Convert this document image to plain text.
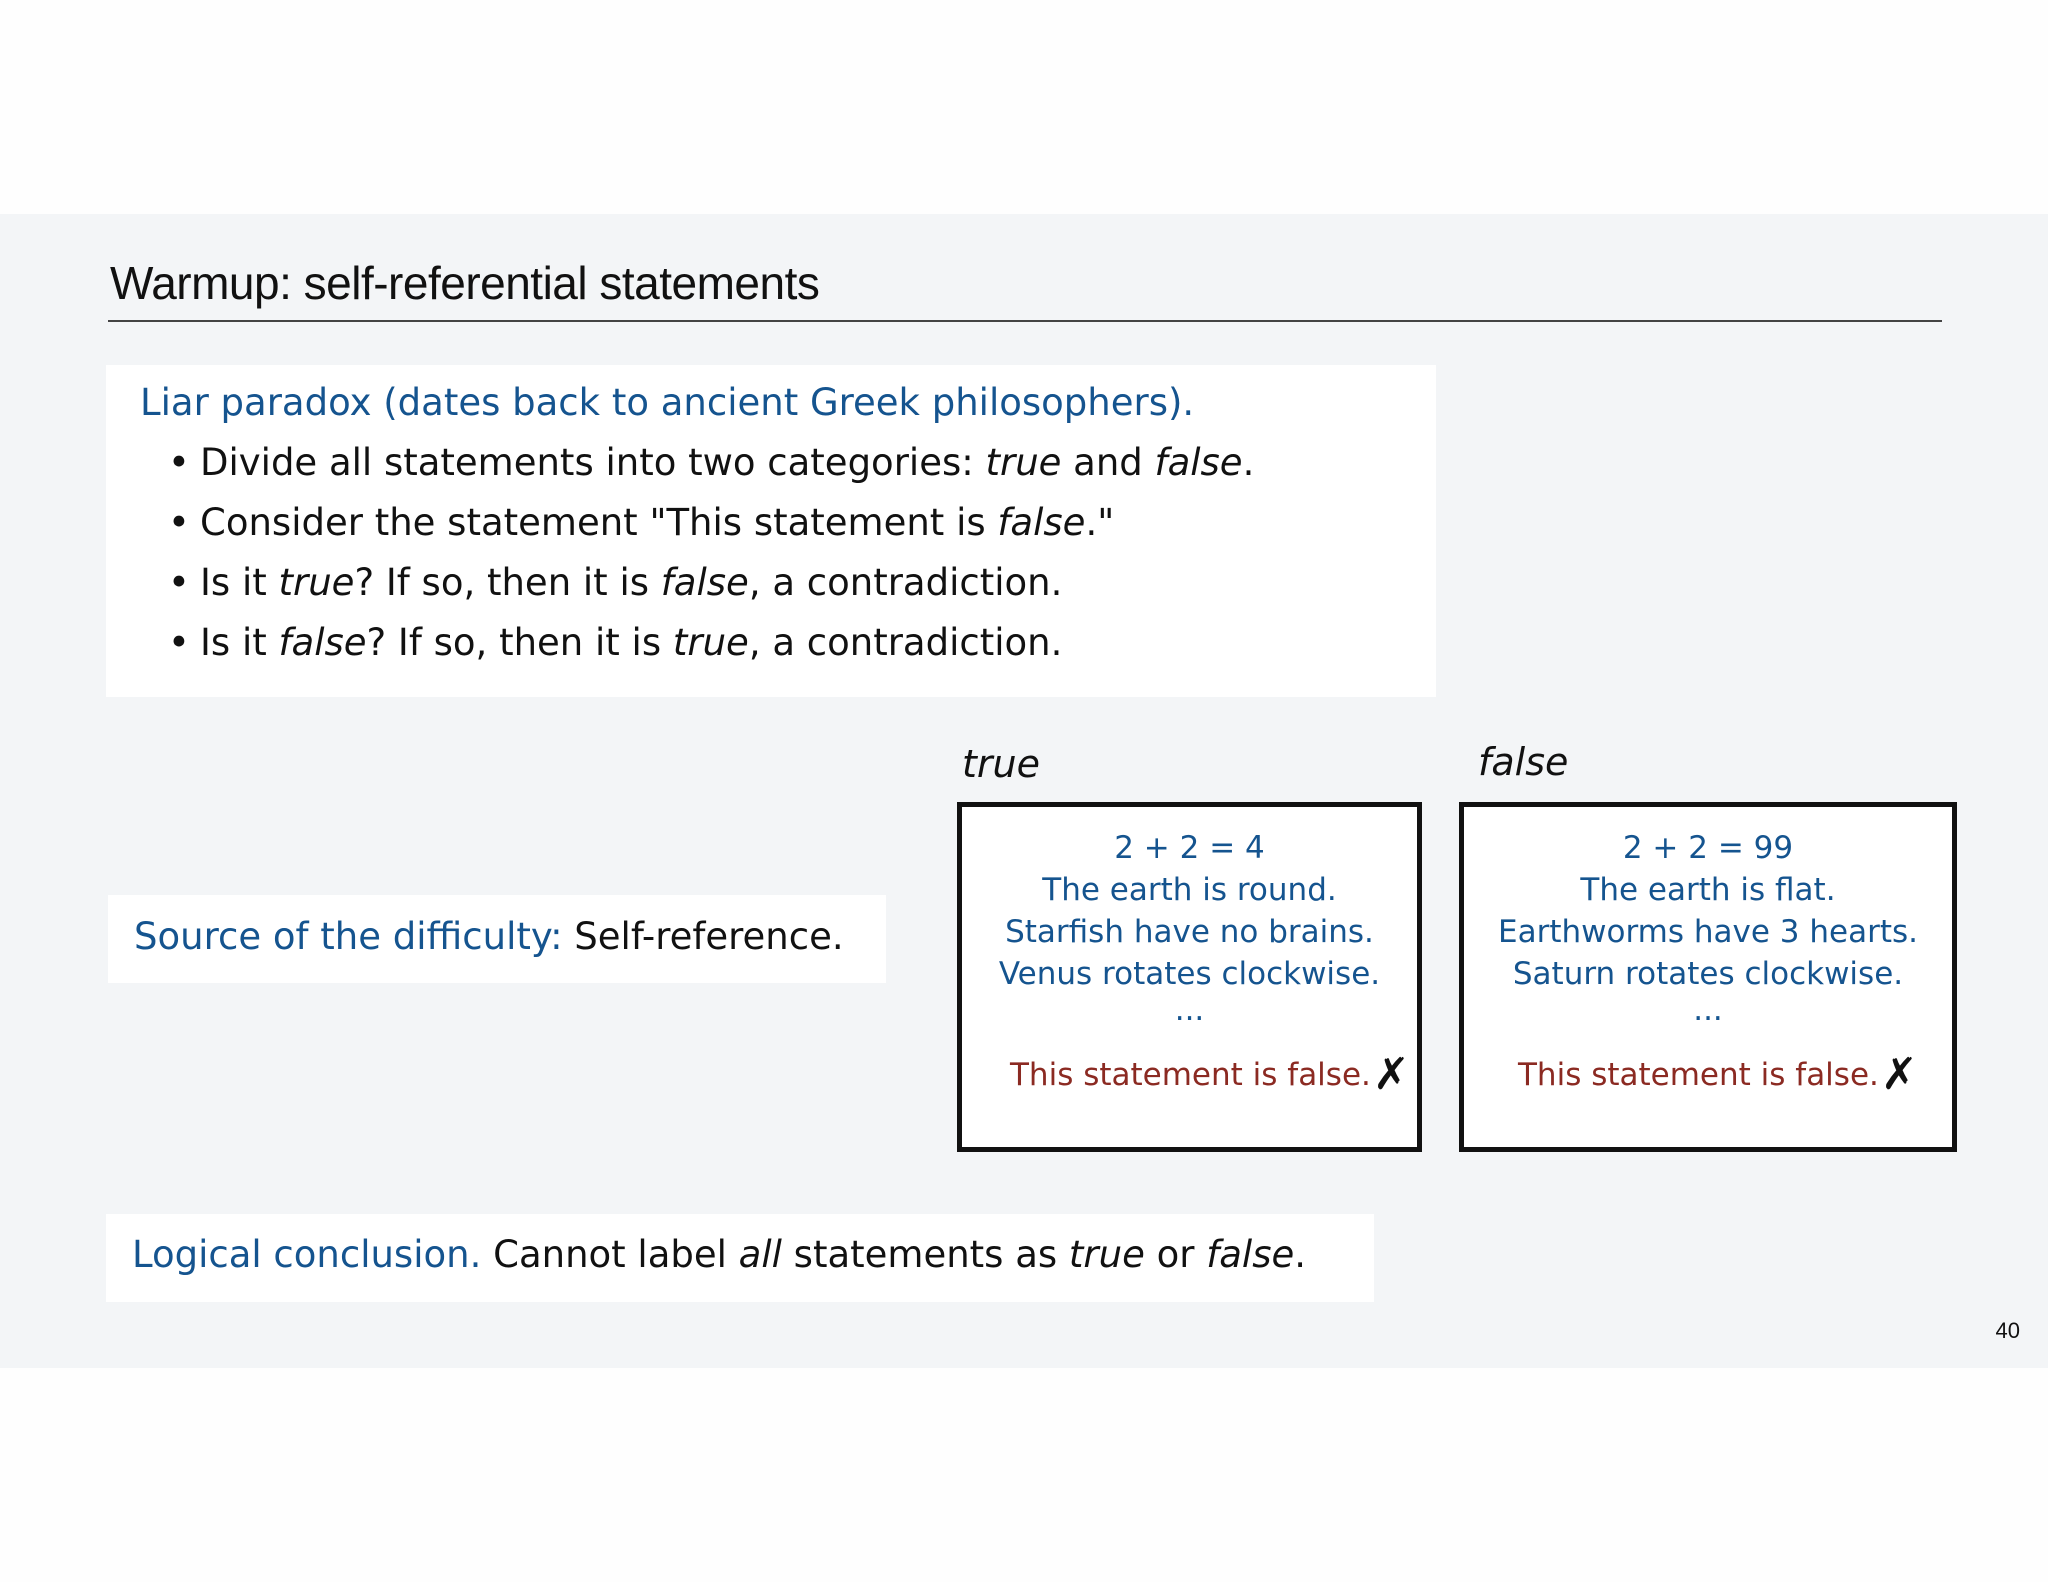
Warmup: self-referential statements
Liar paradox (dates back to ancient Greek philosophers).
• Divide all statements into two categories: true and false.
• Consider the statement "This statement is false."
• Is it true? If so, then it is false, a contradiction.
• Is it false? If so, then it is true, a contradiction.
Source of the difficulty: Self-reference.
true	false
2 + 2 = 4
The earth is round.
Starfish have no brains.
Venus rotates clockwise.
...
This statement is false.✗
2 + 2 = 99
The earth is flat.
Earthworms have 3 hearts.
Saturn rotates clockwise.
...
This statement is false.✗
Logical conclusion. Cannot label all statements as true or false.
40
